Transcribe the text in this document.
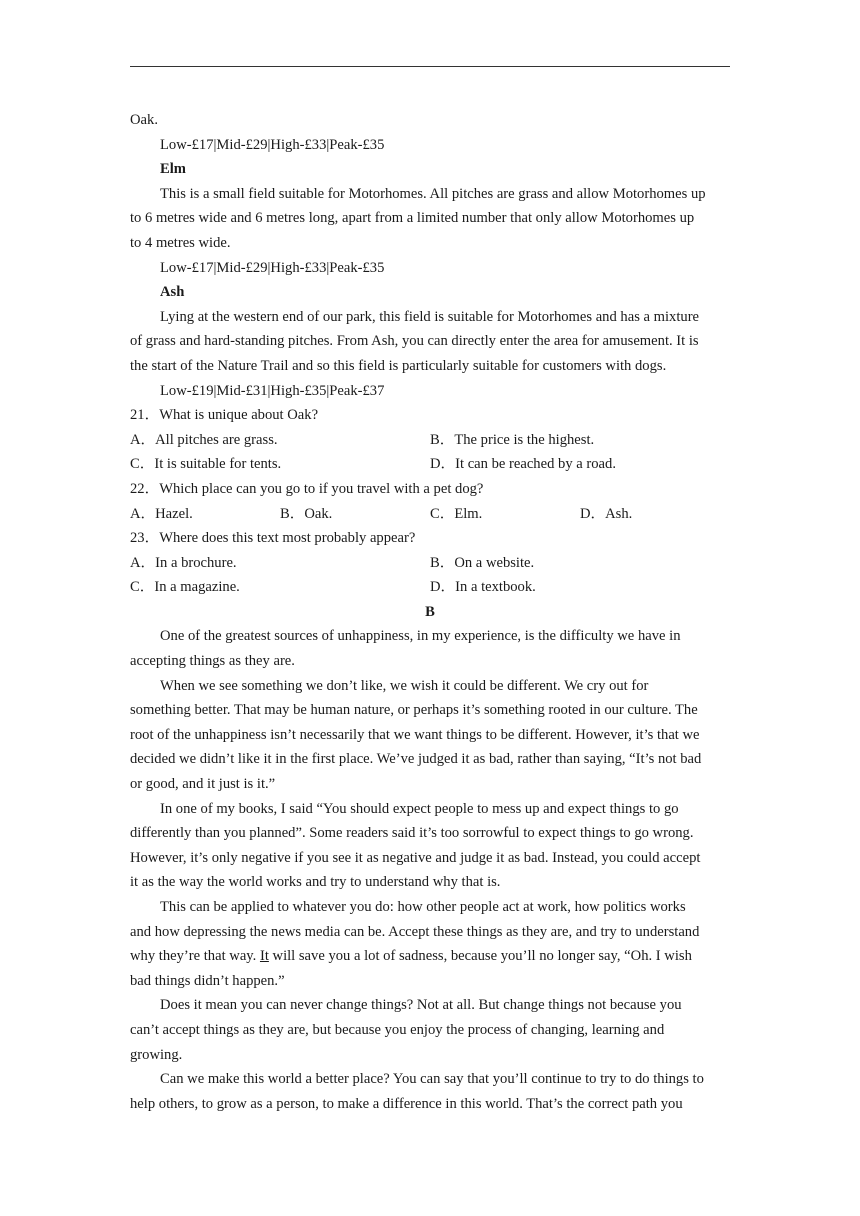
Oak.
Low-£17|Mid-£29|High-£33|Peak-£35
Elm
This is a small field suitable for Motorhomes. All pitches are grass and allow Motorhomes up
to 6 metres wide and 6 metres long, apart from a limited number that only allow Motorhomes up
to 4 metres wide.
Low-£17|Mid-£29|High-£33|Peak-£35
Ash
Lying at the western end of our park, this field is suitable for Motorhomes and has a mixture
of grass and hard-standing pitches. From Ash, you can directly enter the area for amusement. It is
the start of the Nature Trail and so this field is particularly suitable for customers with dogs.
Low-£19|Mid-£31|High-£35|Peak-£37
21．What is unique about Oak?
A．All pitches are grass.	B．The price is the highest.
C．It is suitable for tents.	D．It can be reached by a road.
22．Which place can you go to if you travel with a pet dog?
A．Hazel.	B．Oak.	C．Elm.	D．Ash.
23．Where does this text most probably appear?
A．In a brochure.	B．On a website.
C．In a magazine.	D．In a textbook.
B
One of the greatest sources of unhappiness, in my experience, is the difficulty we have in
accepting things as they are.
When we see something we don’t like, we wish it could be different. We cry out for
something better. That may be human nature, or perhaps it’s something rooted in our culture. The
root of the unhappiness isn’t necessarily that we want things to be different. However, it’s that we
decided we didn’t like it in the first place. We’ve judged it as bad, rather than saying, “It’s not bad
or good, and it just is it.”
In one of my books, I said “You should expect people to mess up and expect things to go
differently than you planned”. Some readers said it’s too sorrowful to expect things to go wrong.
However, it’s only negative if you see it as negative and judge it as bad. Instead, you could accept
it as the way the world works and try to understand why that is.
This can be applied to whatever you do: how other people act at work, how politics works
and how depressing the news media can be. Accept these things as they are, and try to understand
why they’re that way. It will save you a lot of sadness, because you’ll no longer say, “Oh. I wish
bad things didn’t happen.”
Does it mean you can never change things? Not at all. But change things not because you
can’t accept things as they are, but because you enjoy the process of changing, learning and
growing.
Can we make this world a better place? You can say that you’ll continue to try to do things to
help others, to grow as a person, to make a difference in this world. That’s the correct path you
